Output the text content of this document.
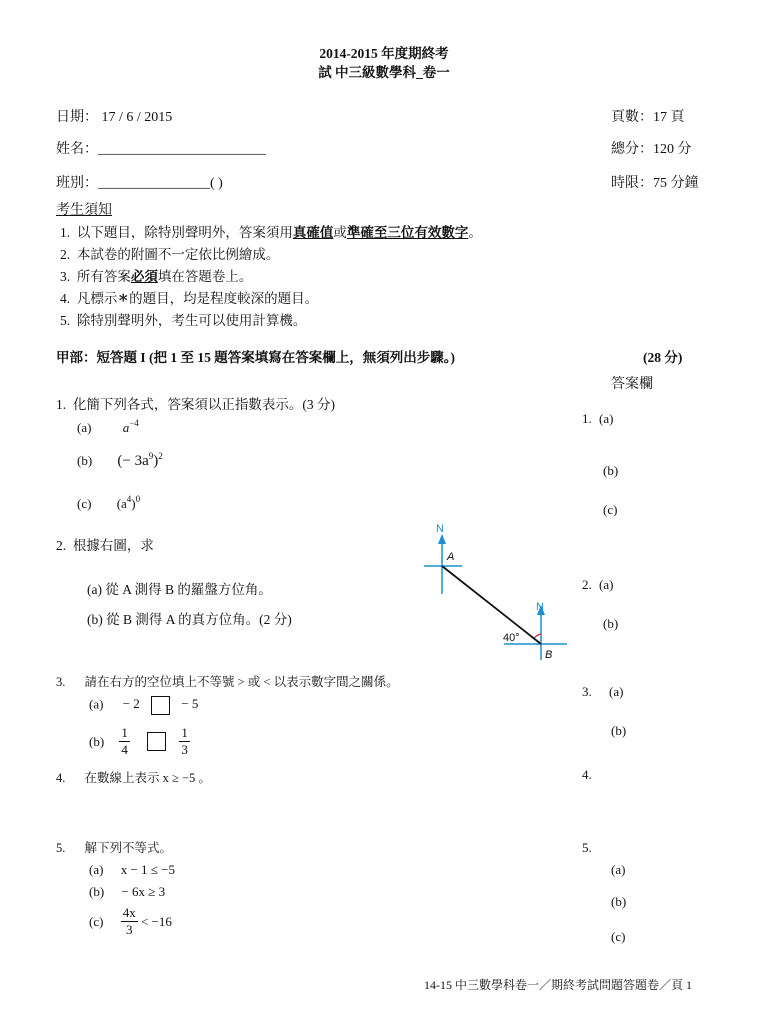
2014-2015 年度期終考
試 中三級數學科_卷一
日期： 17 / 6 / 2015	頁數：17 頁
姓名：________________________	總分：120 分
班別：________________( )	時限：75 分鐘
考生須知
1. 以下題目，除特別聲明外，答案須用真確值或準確至三位有效數字。
2. 本試卷的附圖不一定依比例繪成。
3. 所有答案必須填在答題卷上。
4. 凡標示∗的題目，均是程度較深的題目。
5. 除特別聲明外，考生可以使用計算機。
甲部：短答題 I (把 1 至 15 題答案填寫在答案欄上，無須列出步驟。)	(28 分)
答案欄
1. 化簡下列各式，答案須以正指數表示。(3 分)
(a) $a^{-4}$
(b) (− $3a^9)^2$
(c) $(a^4)^0$
2. 根據右圖，求
(a) 從 A 測得 B 的羅盤方位角。
(b) 從 B 測得 A 的真方位角。(2 分)
N
A
N
B
40°
3. 請在右方的空位填上不等號 > 或 < 以表示數字間之關係。
(a) − 2	− 5
$(b) \frac{1}{4}$
	$\frac{1}{3}$
4. 在數線上表示 x ≥ −5 。
5. 解下列不等式。
(a) x − 1 ≤ −5
(b) − 6x ≥ 3
$(c) \frac{4x}{3} < -16$
1. (a)
(b)
(c)
2. (a)
(b)
3. (a)
(b)
4.
5.
(a)
(b)
(c)
14-15 中三數學科卷一／期終考試問題答題卷／頁 1
